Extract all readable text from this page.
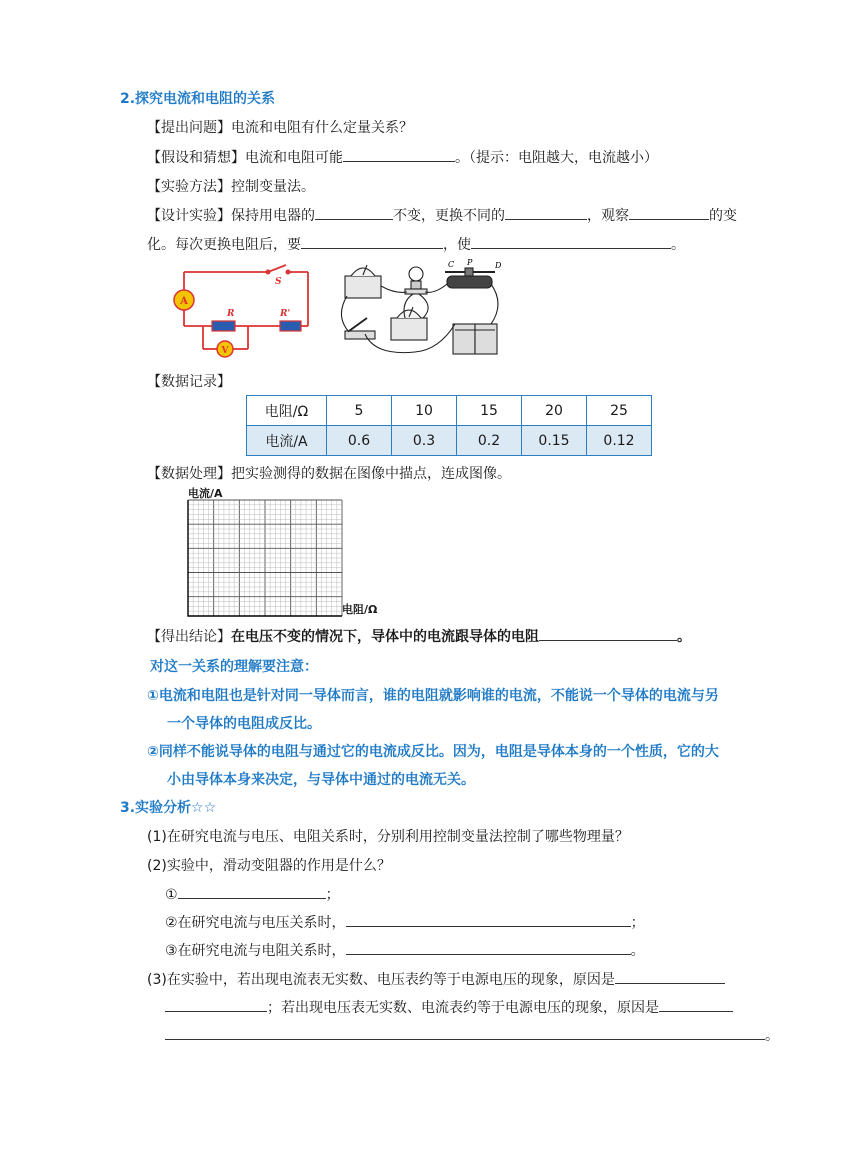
2.探究电流和电阻的关系
【提出问题】电流和电阻有什么定量关系？
【假设和猜想】电流和电阻可能	。（提示：电阻越大，电流越小）
【实验方法】控制变量法。
【设计实验】保持用电器的	不变，更换不同的	，观察	的变
化。每次更换电阻后，要	，使	。
A
V
S
R	R'
C P	D
【数据记录】
电阻/Ω	5	10	15	20	25
电流/A	0.6	0.3	0.2	0.15	0.12
【数据处理】把实验测得的数据在图像中描点，连成图像。
电流/A
电阻/Ω
【得出结论】在电压不变的情况下，导体中的电流跟导体的电阻	。
对这一关系的理解要注意：
①电流和电阻也是针对同一导体而言，谁的电阻就影响谁的电流，不能说一个导体的电流与另
一个导体的电阻成反比。
②同样不能说导体的电阻与通过它的电流成反比。因为，电阻是导体本身的一个性质，它的大
小由导体本身来决定，与导体中通过的电流无关。
3.实验分析☆☆
(1)在研究电流与电压、电阻关系时，分别利用控制变量法控制了哪些物理量？
(2)实验中，滑动变阻器的作用是什么？
①	；
②在研究电流与电压关系时，	；
③在研究电流与电阻关系时，	。
(3)在实验中，若出现电流表无实数、电压表约等于电源电压的现象，原因是
；若出现电压表无实数、电流表约等于电源电压的现象，原因是
。
